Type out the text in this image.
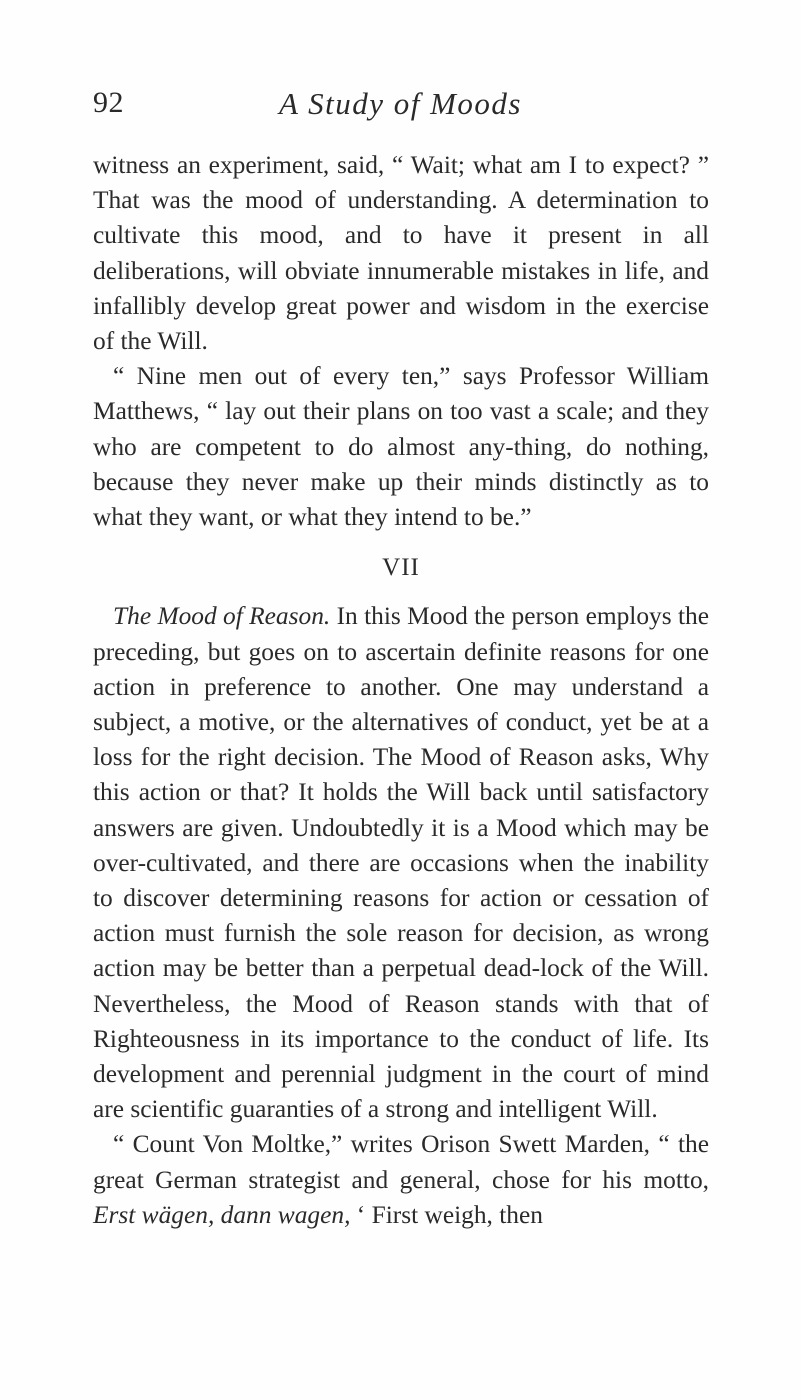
92	A Study of Moods

witness an experiment, said, “ Wait; what am I to expect? ” That was the mood of understanding. A determination to cultivate this mood, and to have it present in all deliberations, will obviate innumerable mistakes in life, and infallibly develop great power and wisdom in the exercise of the Will.

“ Nine men out of every ten,” says Professor William Matthews, “ lay out their plans on too vast a scale; and they who are competent to do almost any-thing, do nothing, because they never make up their minds distinctly as to what they want, or what they intend to be.”

VII

The Mood of Reason. In this Mood the person employs the preceding, but goes on to ascertain definite reasons for one action in preference to another. One may understand a subject, a motive, or the alternatives of conduct, yet be at a loss for the right decision. The Mood of Reason asks, Why this action or that? It holds the Will back until satisfactory answers are given. Undoubtedly it is a Mood which may be over-cultivated, and there are occasions when the inability to discover determining reasons for action or cessation of action must furnish the sole reason for decision, as wrong action may be better than a perpetual dead-lock of the Will. Nevertheless, the Mood of Reason stands with that of Righteousness in its importance to the conduct of life. Its development and perennial judgment in the court of mind are scientific guaranties of a strong and intelligent Will.

“ Count Von Moltke,” writes Orison Swett Marden, “ the great German strategist and general, chose for his motto, Erst wägen, dann wagen, ‘ First weigh, then
